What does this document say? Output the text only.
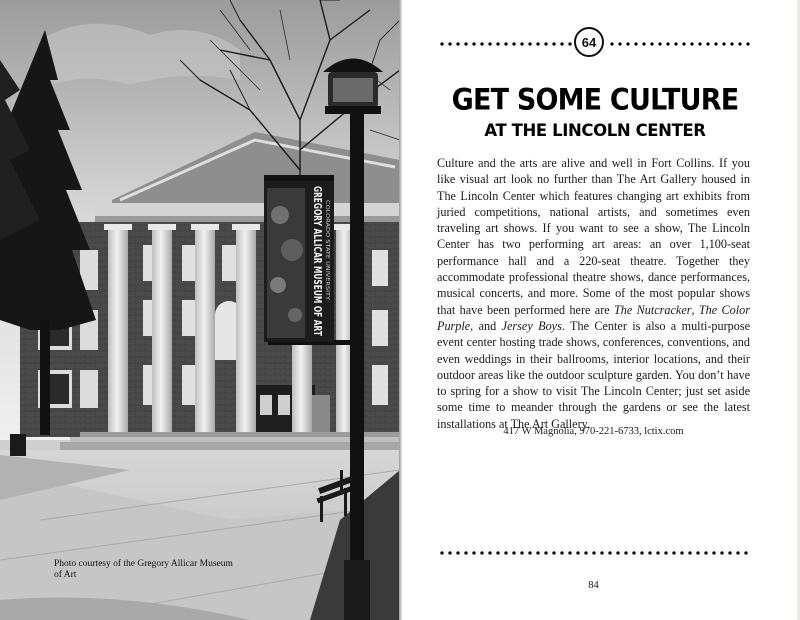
GREGORY ALLICAR MUSEUM OF ART COLORADO STATE UNIVERSITY
Photo courtesy of the Gregory Allicar Museum of Art
64
GET SOME CULTURE
AT THE LINCOLN CENTER

Culture and the arts are alive and well in Fort Collins. If you like visual art look no further than The Art Gallery housed in The Lincoln Center which features changing art exhibits from juried competitions, national artists, and sometimes even traveling art shows. If you want to see a show, The Lincoln Center has two performing art areas: an over 1,100-seat performance hall and a 220-seat theatre. Together they accommodate professional theatre shows, dance performances, musical concerts, and more. Some of the most popular shows that have been performed here are The Nutcracker, The Color Purple, and Jersey Boys. The Center is also a multi-purpose event center hosting trade shows, conferences, conventions, and even weddings in their ballrooms, interior locations, and their outdoor areas like the outdoor sculpture garden. You don’t have to spring for a show to visit The Lincoln Center; just set aside some time to meander through the gardens or see the latest installations at The Art Gallery.

417 W Magnolia, 970-221-6733, lctix.com

84
